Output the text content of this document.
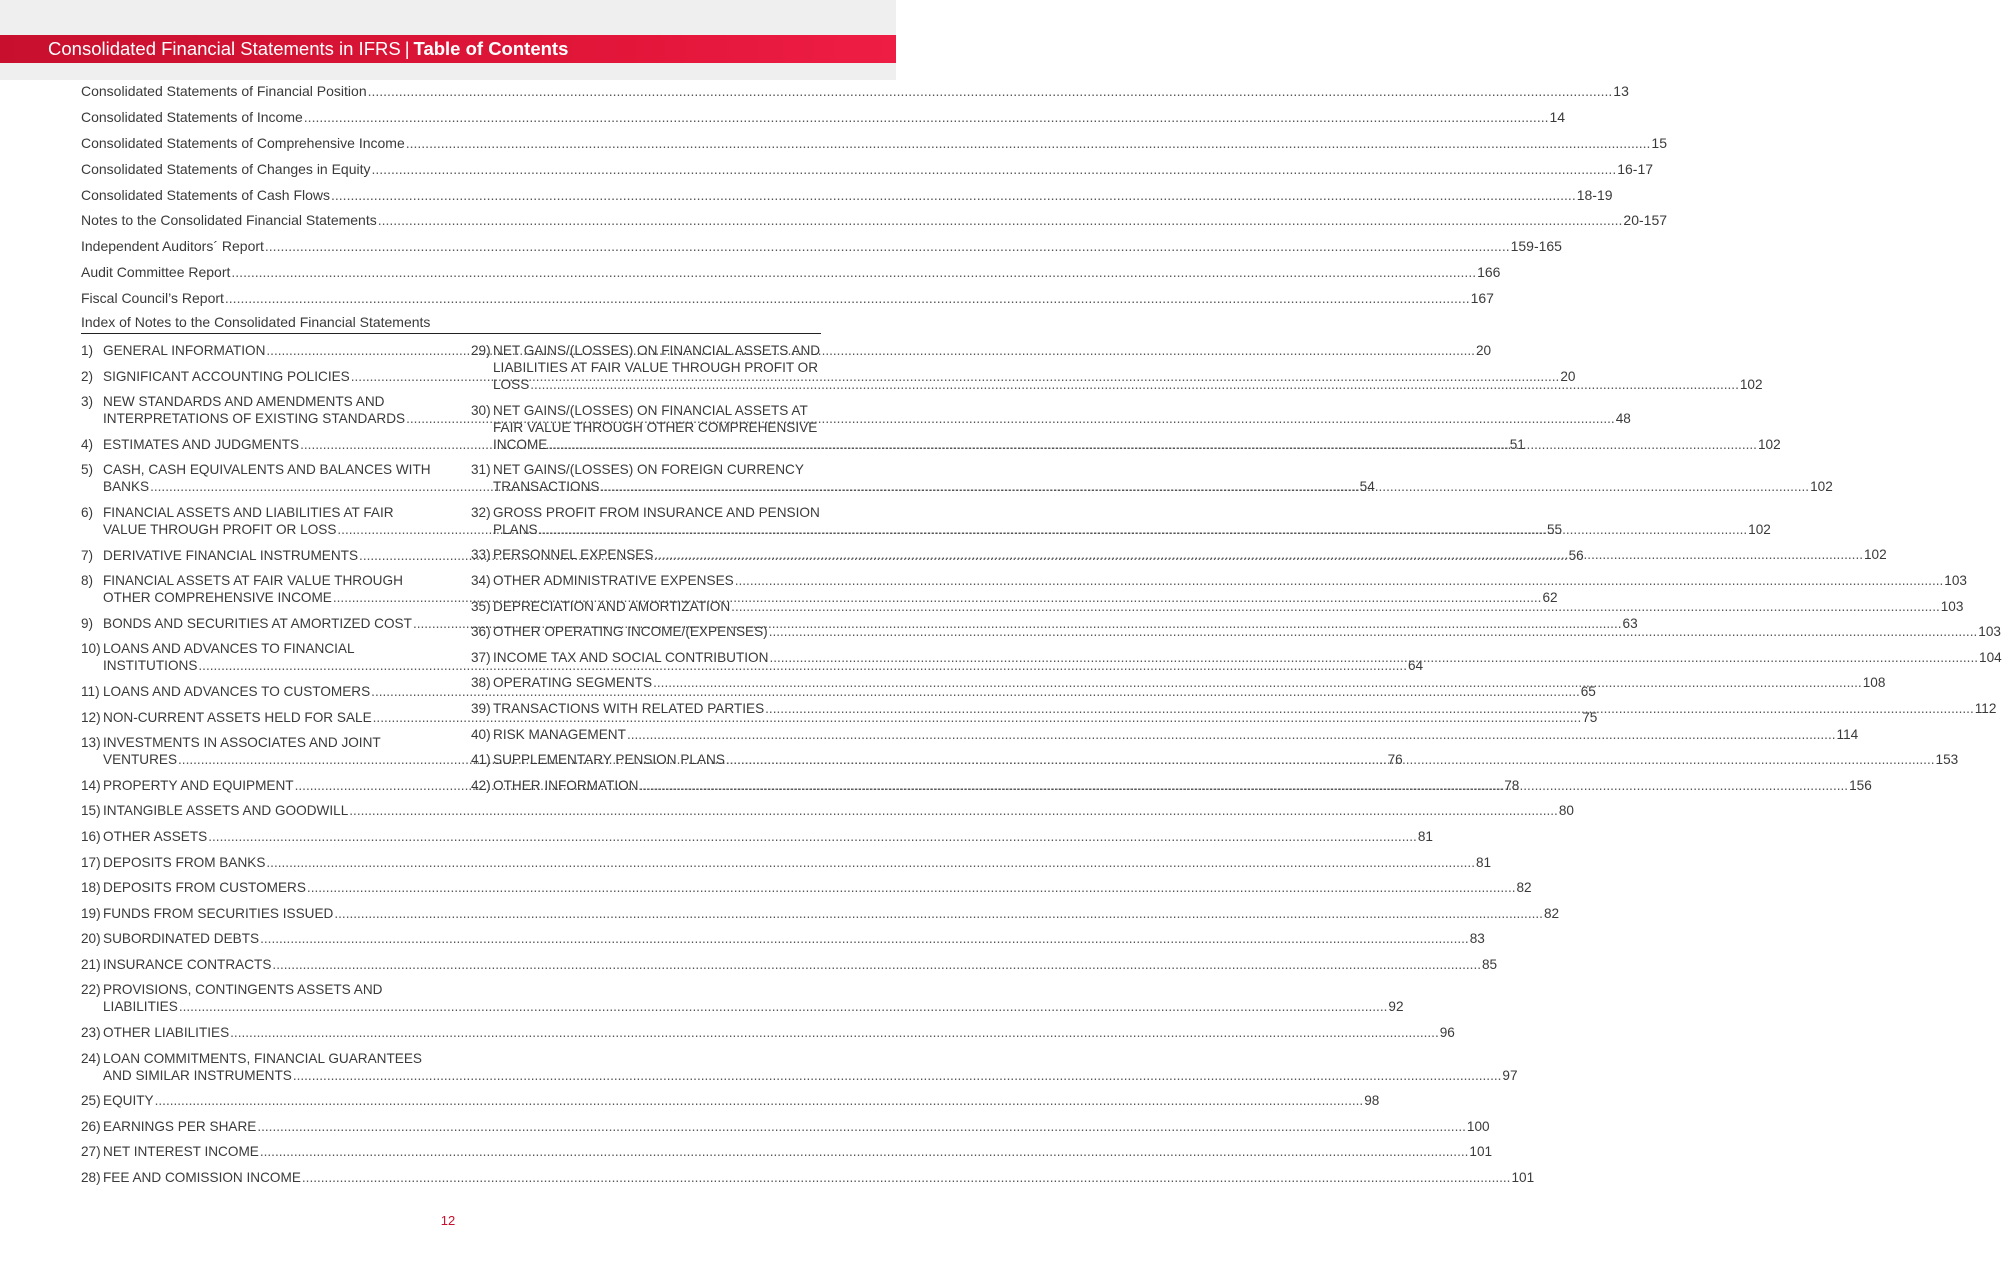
Consolidated Financial Statements in IFRS | Table of Contents
Consolidated Statements of Financial Position .....	13
Consolidated Statements of Income .....	14
Consolidated Statements of Comprehensive Income .....	15
Consolidated Statements of Changes in Equity .....	16-17
Consolidated Statements of Cash Flows .....	18-19
Notes to the Consolidated Financial Statements .....	20-157
Independent Auditors´ Report .....	159-165
Audit Committee Report .....	166
Fiscal Council’s Report .....	167
Index of Notes to the Consolidated Financial Statements
1) GENERAL INFORMATION .....	20
2) SIGNIFICANT ACCOUNTING POLICIES .....	20
3) NEW STANDARDS AND AMENDMENTS AND
INTERPRETATIONS OF EXISTING STANDARDS .....	48
4) ESTIMATES AND JUDGMENTS .....	51
5) CASH, CASH EQUIVALENTS AND BALANCES WITH
BANKS .....	54
6) FINANCIAL ASSETS AND LIABILITIES AT FAIR
VALUE THROUGH PROFIT OR LOSS .....	55
7) DERIVATIVE FINANCIAL INSTRUMENTS .....	56
8) FINANCIAL ASSETS AT FAIR VALUE THROUGH
OTHER COMPREHENSIVE INCOME .....	62
9) BONDS AND SECURITIES AT AMORTIZED COST .....	63
10) LOANS AND ADVANCES TO FINANCIAL
INSTITUTIONS .....	64
11) LOANS AND ADVANCES TO CUSTOMERS .....	65
12) NON-CURRENT ASSETS HELD FOR SALE .....	75
13) INVESTMENTS IN ASSOCIATES AND JOINT
VENTURES .....	76
14) PROPERTY AND EQUIPMENT .....	78
15) INTANGIBLE ASSETS AND GOODWILL .....	80
16) OTHER ASSETS .....	81
17) DEPOSITS FROM BANKS .....	81
18) DEPOSITS FROM CUSTOMERS .....	82
19) FUNDS FROM SECURITIES ISSUED .....	82
20) SUBORDINATED DEBTS .....	83
21) INSURANCE CONTRACTS .....	85
22) PROVISIONS, CONTINGENTS ASSETS AND
LIABILITIES .....	92
23) OTHER LIABILITIES .....	96
24) LOAN COMMITMENTS, FINANCIAL GUARANTEES
AND SIMILAR INSTRUMENTS .....	97
25) EQUITY .....	98
26) EARNINGS PER SHARE .....	100
27) NET INTEREST INCOME .....	101
28) FEE AND COMISSION INCOME .....	101
29) NET GAINS/(LOSSES) ON FINANCIAL ASSETS AND
LIABILITIES AT FAIR VALUE THROUGH PROFIT OR
LOSS .....	102
30) NET GAINS/(LOSSES) ON FINANCIAL ASSETS AT
FAIR VALUE THROUGH OTHER COMPREHENSIVE
INCOME .....	102
31) NET GAINS/(LOSSES) ON FOREIGN CURRENCY
TRANSACTIONS .....	102
32) GROSS PROFIT FROM INSURANCE AND PENSION
PLANS .....	102
33) PERSONNEL EXPENSES .....	102
34) OTHER ADMINISTRATIVE EXPENSES .....	103
35) DEPRECIATION AND AMORTIZATION .....	103
36) OTHER OPERATING INCOME/(EXPENSES) .....	103
37) INCOME TAX AND SOCIAL CONTRIBUTION .....	104
38) OPERATING SEGMENTS .....	108
39) TRANSACTIONS WITH RELATED PARTIES .....	112
40) RISK MANAGEMENT .....	114
41) SUPPLEMENTARY PENSION PLANS .....	153
42) OTHER INFORMATION .....	156
12
